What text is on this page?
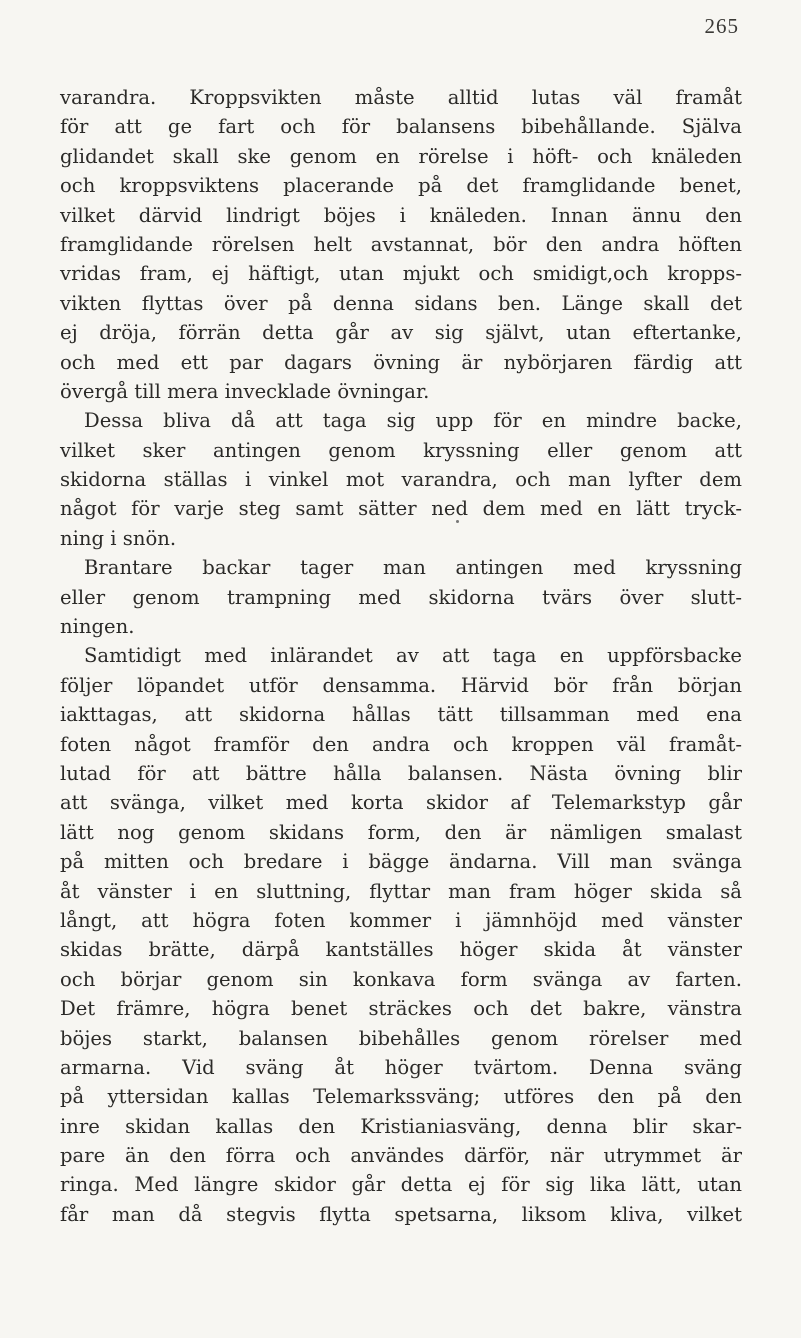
265
varandra. Kroppsvikten måste alltid lutas väl framåt
för att ge fart och för balansens bibehållande. Själva
glidandet skall ske genom en rörelse i höft- och knäleden
och kroppsviktens placerande på det framglidande benet,
vilket därvid lindrigt böjes i knäleden. Innan ännu den
framglidande rörelsen helt avstannat, bör den andra höften
vridas fram, ej häftigt, utan mjukt och smidigt,och kropps-
vikten flyttas över på denna sidans ben. Länge skall det
ej dröja, förrän detta går av sig självt, utan eftertanke,
och med ett par dagars övning är nybörjaren färdig att
övergå till mera invecklade övningar.
Dessa bliva då att taga sig upp för en mindre backe,
vilket sker antingen genom kryssning eller genom att
skidorna ställas i vinkel mot varandra, och man lyfter dem
något för varje steg samt sätter ned dem med en lätt tryck-
ning i snön.
Brantare backar tager man antingen med kryssning
eller genom trampning med skidorna tvärs över slutt-
ningen.
Samtidigt med inlärandet av att taga en uppförsbacke
följer löpandet utför densamma. Härvid bör från början
iakttagas, att skidorna hållas tätt tillsamman med ena
foten något framför den andra och kroppen väl framåt-
lutad för att bättre hålla balansen. Nästa övning blir
att svänga, vilket med korta skidor af Telemarkstyp går
lätt nog genom skidans form, den är nämligen smalast
på mitten och bredare i bägge ändarna. Vill man svänga
åt vänster i en sluttning, flyttar man fram höger skida så
långt, att högra foten kommer i jämnhöjd med vänster
skidas brätte, därpå kantställes höger skida åt vänster
och börjar genom sin konkava form svänga av farten.
Det främre, högra benet sträckes och det bakre, vänstra
böjes starkt, balansen bibehålles genom rörelser med
armarna. Vid sväng åt höger tvärtom. Denna sväng
på yttersidan kallas Telemarkssväng; utföres den på den
inre skidan kallas den Kristianiasväng, denna blir skar-
pare än den förra och användes därför, när utrymmet är
ringa. Med längre skidor går detta ej för sig lika lätt, utan
får man då stegvis flytta spetsarna, liksom kliva, vilket
